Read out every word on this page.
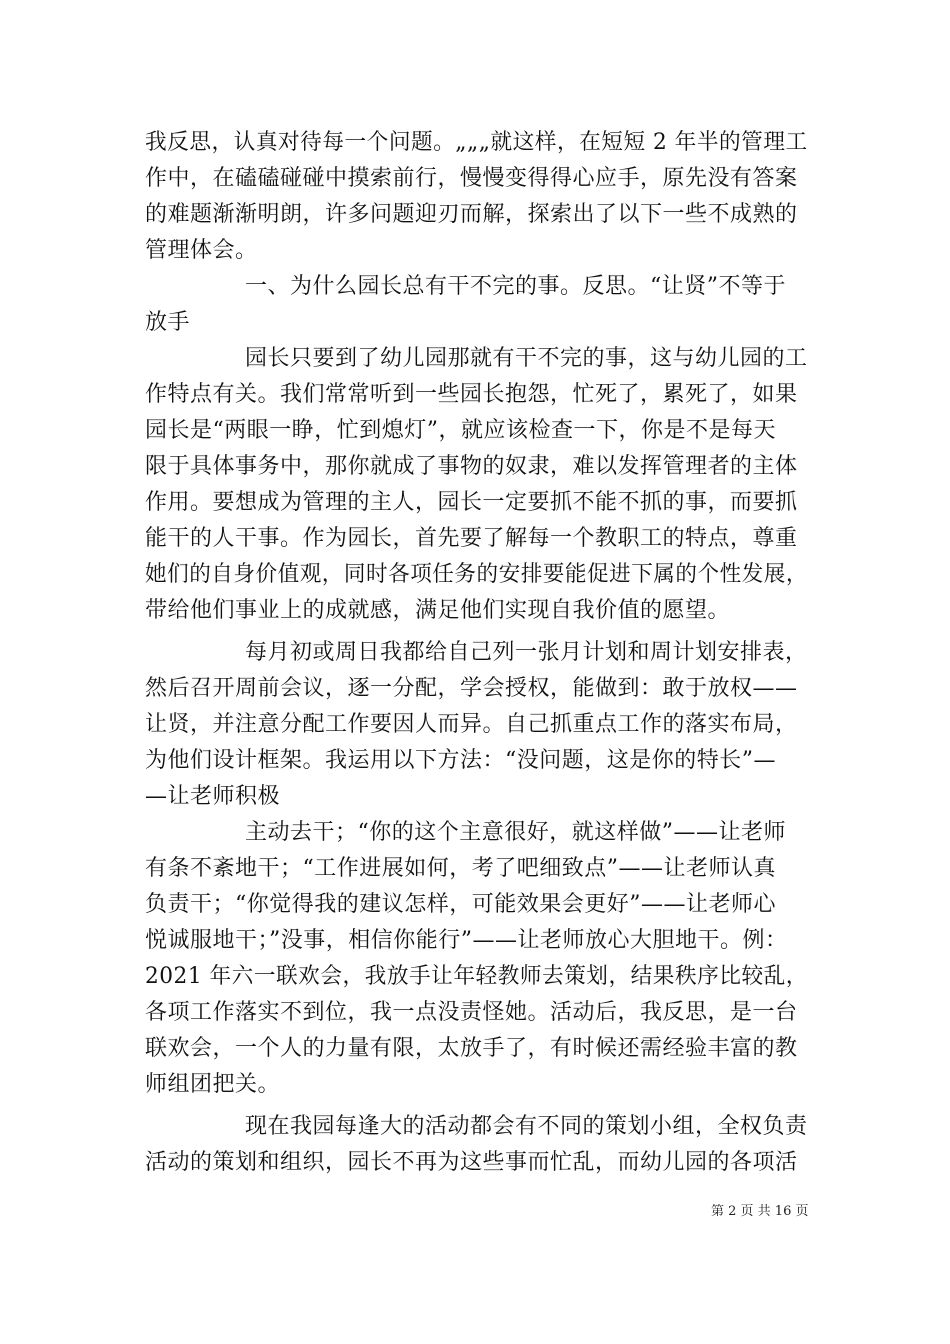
我反思，认真对待每一个问题。„„„就这样，在短短 2 年半的管理工
作中，在磕磕碰碰中摸索前行，慢慢变得得心应手，原先没有答案
的难题渐渐明朗，许多问题迎刃而解，探索出了以下一些不成熟的
管理体会。
一、为什么园长总有干不完的事。反思。“让贤”不等于
放手
园长只要到了幼儿园那就有干不完的事，这与幼儿园的工
作特点有关。我们常常听到一些园长抱怨，忙死了，累死了，如果
园长是“两眼一睁，忙到熄灯”，就应该检查一下，你是不是每天
限于具体事务中，那你就成了事物的奴隶，难以发挥管理者的主体
作用。要想成为管理的主人，园长一定要抓不能不抓的事，而要抓
能干的人干事。作为园长，首先要了解每一个教职工的特点，尊重
她们的自身价值观，同时各项任务的安排要能促进下属的个性发展，
带给他们事业上的成就感，满足他们实现自我价值的愿望。
每月初或周日我都给自己列一张月计划和周计划安排表，
然后召开周前会议，逐一分配，学会授权，能做到：敢于放权——
让贤，并注意分配工作要因人而异。自己抓重点工作的落实布局，
为他们设计框架。我运用以下方法：“没问题，这是你的特长”—
—让老师积极
主动去干；“你的这个主意很好，就这样做”——让老师
有条不紊地干；“工作进展如何，考了吧细致点”——让老师认真
负责干；“你觉得我的建议怎样，可能效果会更好”——让老师心
悦诚服地干；”没事，相信你能行”——让老师放心大胆地干。例：
2021 年六一联欢会，我放手让年轻教师去策划，结果秩序比较乱，
各项工作落实不到位，我一点没责怪她。活动后，我反思，是一台
联欢会，一个人的力量有限，太放手了，有时候还需经验丰富的教
师组团把关。
现在我园每逢大的活动都会有不同的策划小组，全权负责
活动的策划和组织，园长不再为这些事而忙乱，而幼儿园的各项活
第 2 页 共 16 页
